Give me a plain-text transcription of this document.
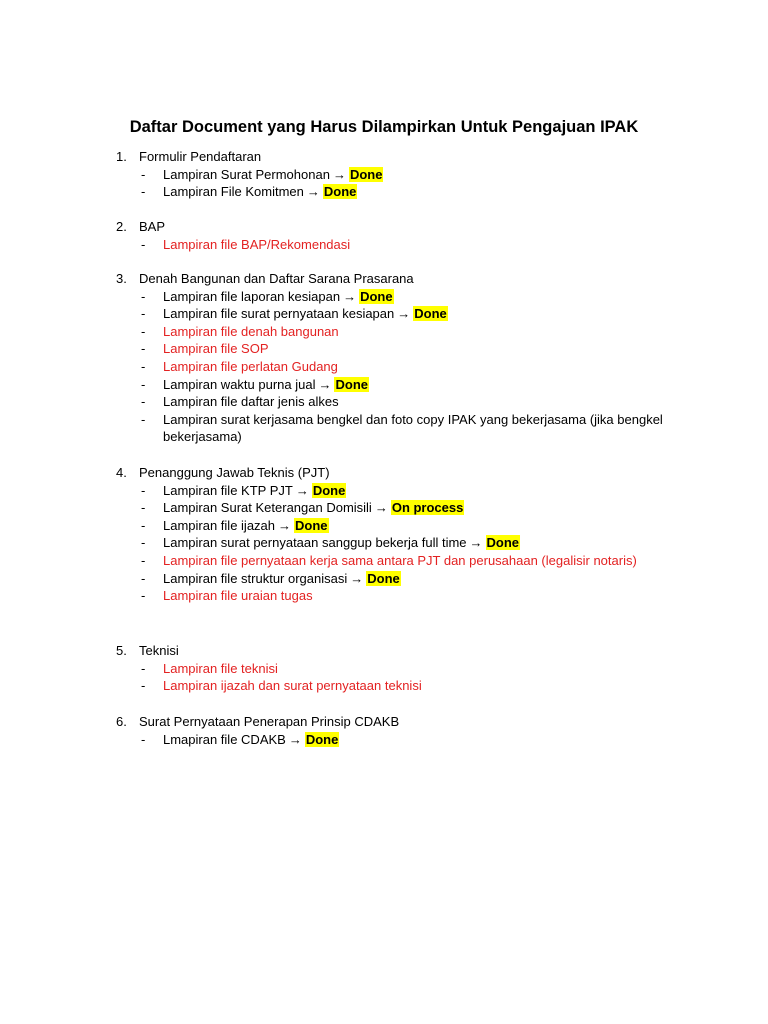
Daftar Document yang Harus Dilampirkan Untuk Pengajuan IPAK
1. Formulir Pendaftaran
-	Lampiran Surat Permohonan → Done
-	Lampiran File Komitmen → Done
2. BAP
-	Lampiran file BAP/Rekomendasi
3. Denah Bangunan dan Daftar Sarana Prasarana
-	Lampiran file laporan kesiapan → Done
-	Lampiran file surat pernyataan kesiapan → Done
-	Lampiran file denah bangunan
-	Lampiran file SOP
-	Lampiran file perlatan Gudang
-	Lampiran waktu purna jual → Done
-	Lampiran file daftar jenis alkes
-	Lampiran surat kerjasama bengkel dan foto copy IPAK yang bekerjasama (jika bengkel bekerjasama)
4. Penanggung Jawab Teknis (PJT)
-	Lampiran file KTP PJT → Done
-	Lampiran Surat Keterangan Domisili → On process
-	Lampiran file ijazah → Done
-	Lampiran surat pernyataan sanggup bekerja full time → Done
-	Lampiran file pernyataan kerja sama antara PJT dan perusahaan (legalisir notaris)
-	Lampiran file struktur organisasi → Done
-	Lampiran file uraian tugas
5. Teknisi
-	Lampiran file teknisi
-	Lampiran ijazah dan surat pernyataan teknisi
6. Surat Pernyataan Penerapan Prinsip CDAKB
-	Lmapiran file CDAKB → Done
